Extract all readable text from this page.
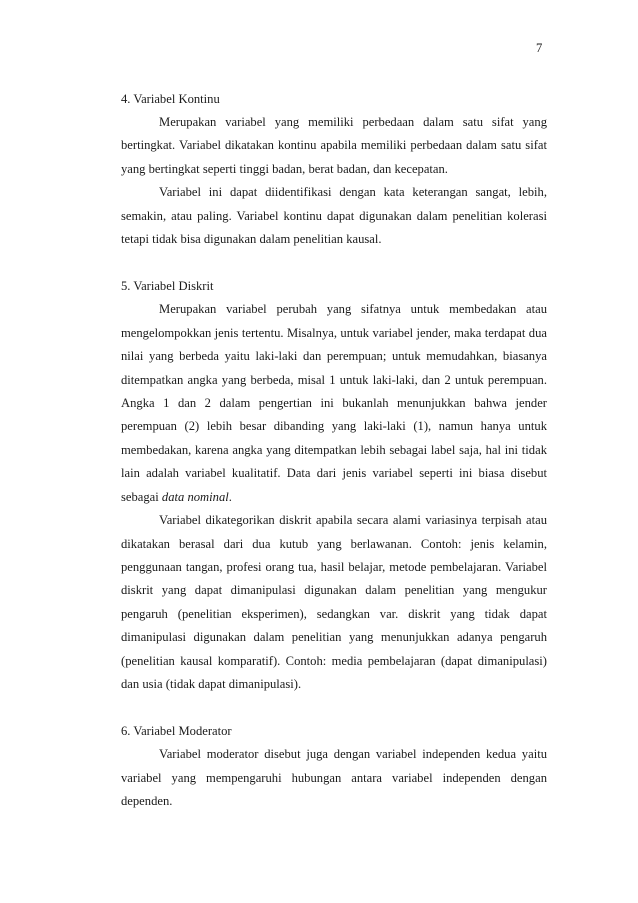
7

4. Variabel Kontinu

Merupakan variabel yang memiliki perbedaan dalam satu sifat yang bertingkat. Variabel dikatakan kontinu apabila memiliki perbedaan dalam satu sifat yang bertingkat seperti tinggi badan, berat badan, dan kecepatan.

Variabel ini dapat diidentifikasi dengan kata keterangan sangat, lebih, semakin, atau paling. Variabel kontinu dapat digunakan dalam penelitian kolerasi tetapi tidak bisa digunakan dalam penelitian kausal.

5. Variabel Diskrit

Merupakan variabel perubah yang sifatnya untuk membedakan atau mengelompokkan jenis tertentu. Misalnya, untuk variabel jender, maka terdapat dua nilai yang berbeda yaitu laki-laki dan perempuan; untuk memudahkan, biasanya ditempatkan angka yang berbeda, misal 1 untuk laki-laki, dan 2 untuk perempuan. Angka 1 dan 2 dalam pengertian ini bukanlah menunjukkan bahwa jender perempuan (2) lebih besar dibanding yang laki-laki (1), namun hanya untuk membedakan, karena angka yang ditempatkan lebih sebagai label saja, hal ini tidak lain adalah variabel kualitatif. Data dari jenis variabel seperti ini biasa disebut sebagai data nominal.

Variabel dikategorikan diskrit apabila secara alami variasinya terpisah atau dikatakan berasal dari dua kutub yang berlawanan. Contoh: jenis kelamin, penggunaan tangan, profesi orang tua, hasil belajar, metode pembelajaran. Variabel diskrit yang dapat dimanipulasi digunakan dalam penelitian yang mengukur pengaruh (penelitian eksperimen), sedangkan var. diskrit yang tidak dapat dimanipulasi digunakan dalam penelitian yang menunjukkan adanya pengaruh (penelitian kausal komparatif). Contoh: media pembelajaran (dapat dimanipulasi) dan usia (tidak dapat dimanipulasi).

6. Variabel Moderator

Variabel moderator disebut juga dengan variabel independen kedua yaitu variabel yang mempengaruhi hubungan antara variabel independen dengan dependen.
